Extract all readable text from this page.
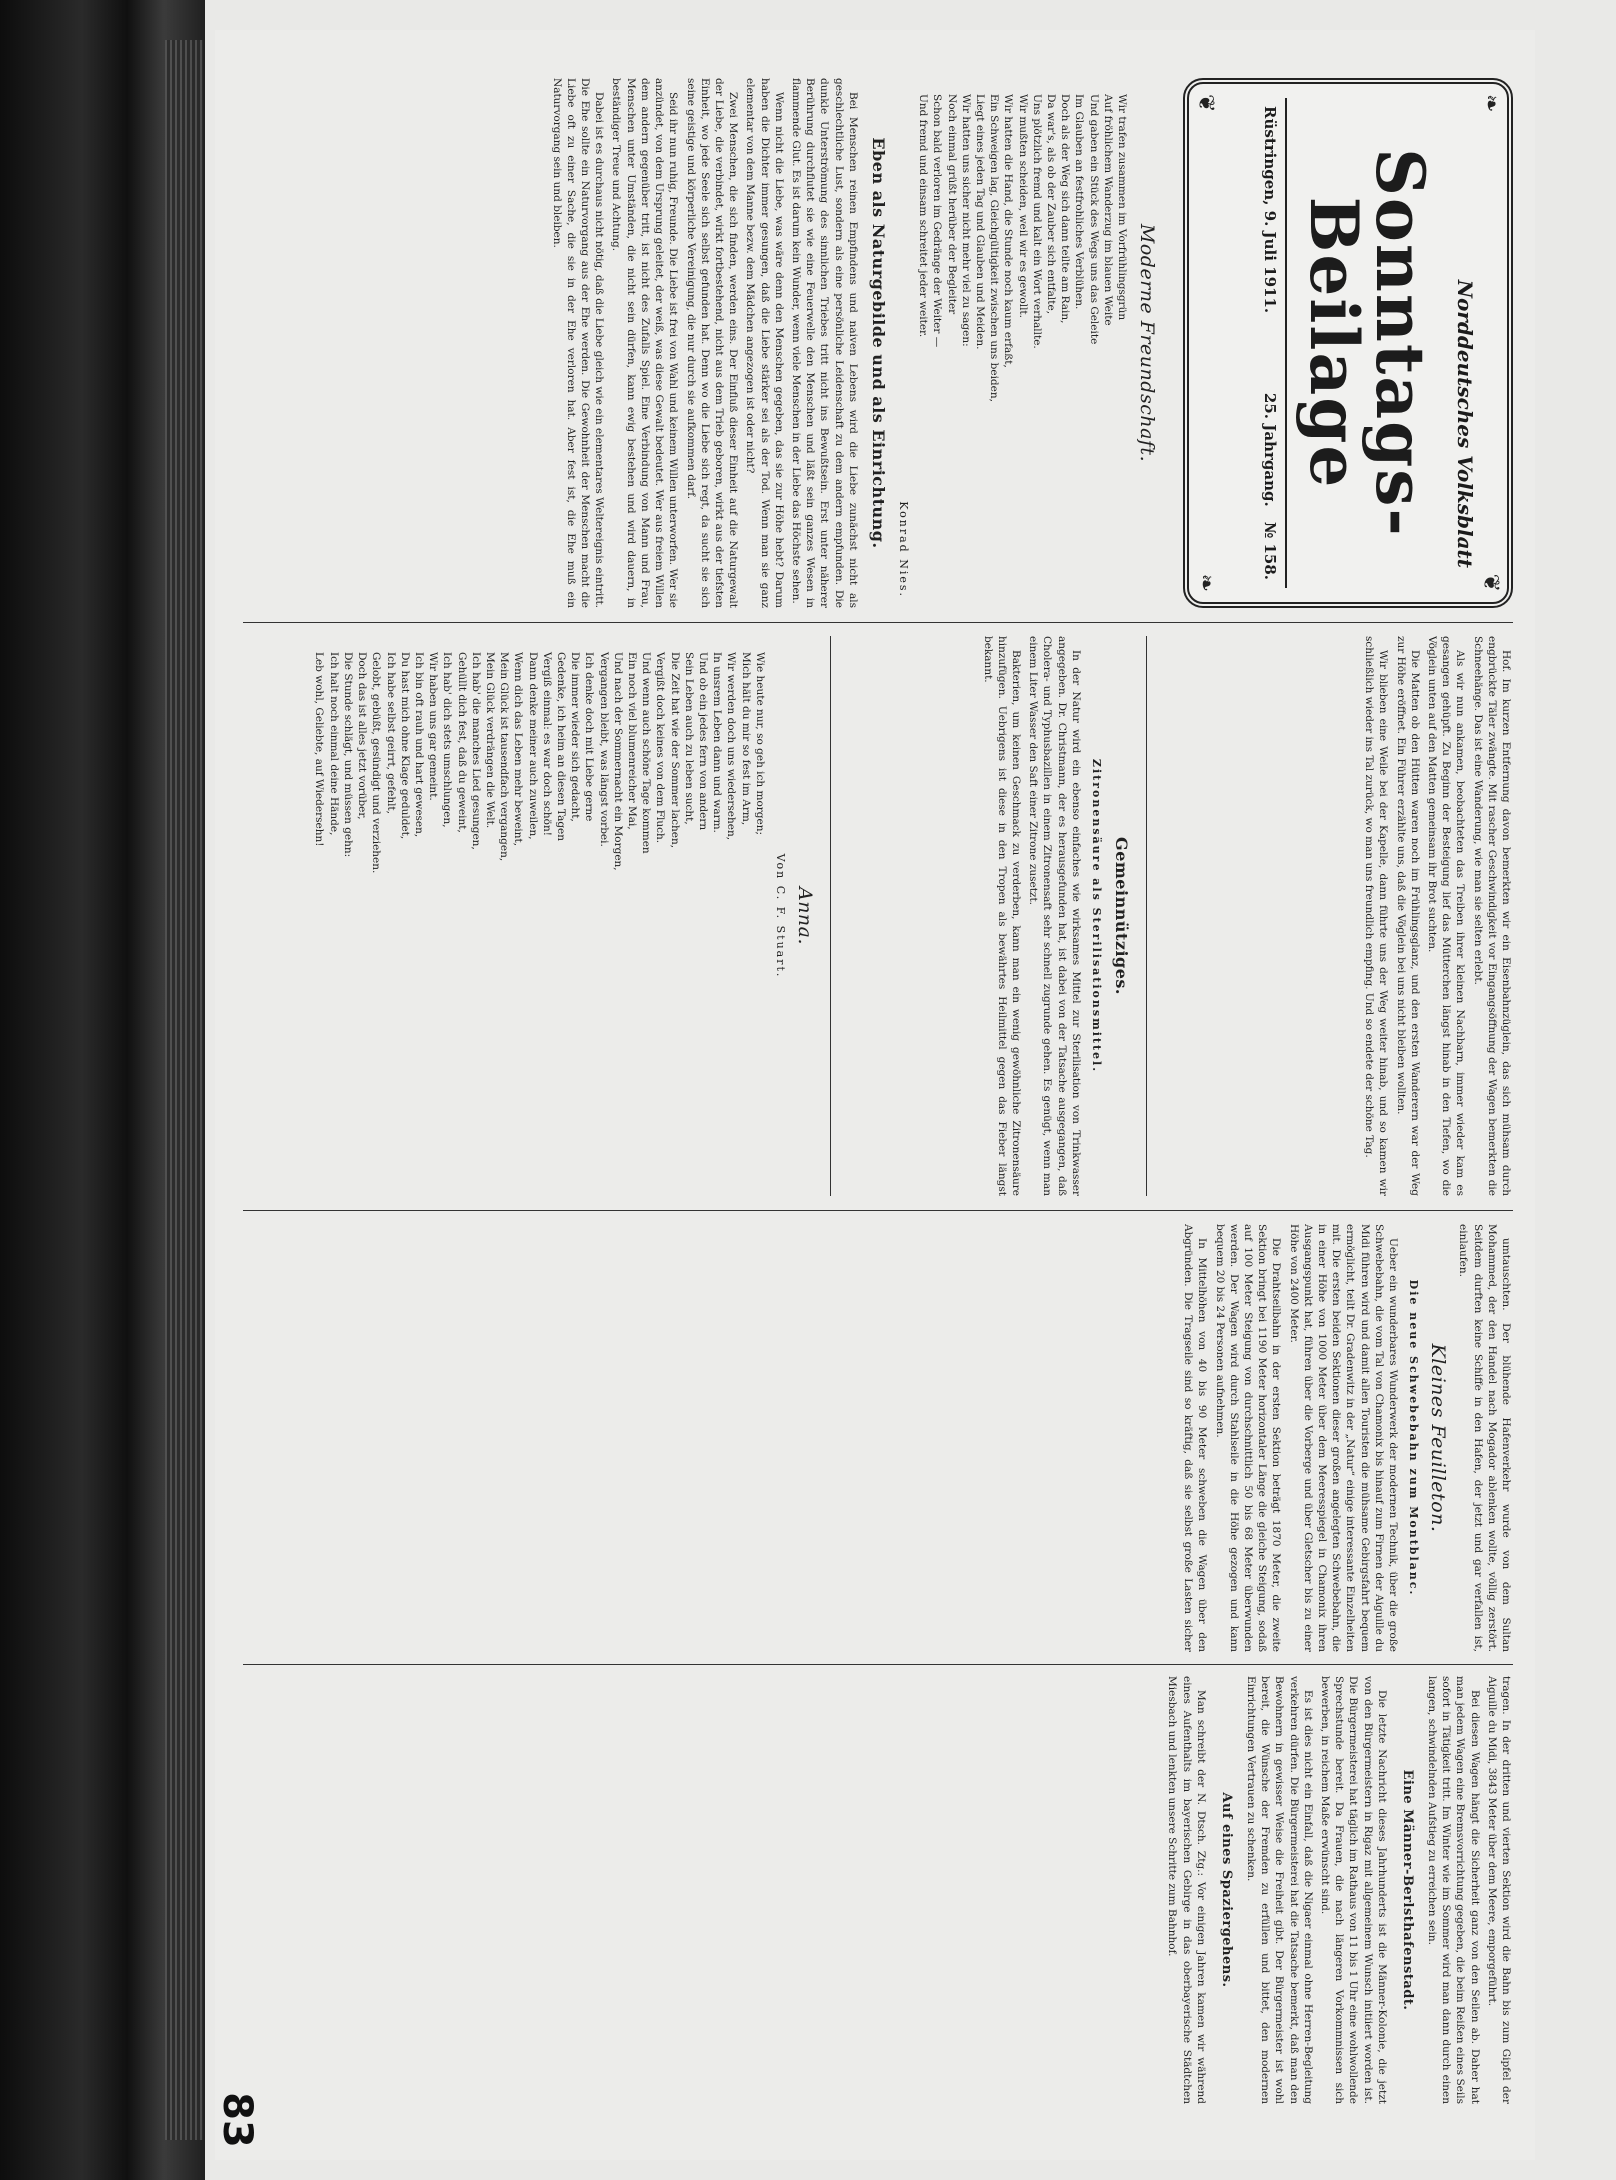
❧
❦
❦
❧
Norddeutsches Volksblatt
Sonntags-Beilage
Rüstringen, 9. Juli 1911.
25. Jahrgang. № 158.
Moderne Freundschaft.
Wir trafen zusammen im Vorfrühlingsgrün
Auf fröhlichem Wanderzug im blauen Weite
Und gaben ein Stück des Wegs uns das Geleite
Im Glauben an festfrohliches Verblühen.
Doch als der Weg sich dann teilte am Rain,
Da war's, als ob der Zauber sich entfalte,
Uns plötzlich fremd und kalt ein Wort verhallte.
Wir mußten scheiden, weil wir es gewollt.
Wir hatten die Hand, die Stunde noch kaum erfaßt,
Ein Schweigen lag, Gleichgültigkeit zwischen uns beiden,
Liegt eines jeden Tag und Glauben und Meiden.
Wir hatten uns sicher nicht mehr viel zu sagen:
Noch einmal grüßt herüber der Begleiter
Schon bald verloren im Gedränge der Weiter —
Und fremd und einsam schreitet jeder weiter.
Konrad Nies.
Eben als Naturgebilde und als Einrichtung.

Bei Menschen reinen Empfindens und naiven Lebens wird die Liebe zunächst nicht als geschlechtliche Lust, sondern als eine persönliche Leidenschaft zu dem andern empfunden. Die dunkle Unterströmung des sinnlichen Triebes tritt nicht ins Bewußtsein. Erst unter näherer Berührung durchflutet sie wie eine Feuerwelle den Menschen und läßt sein ganzes Wesen in flammende Glut. Es ist darum kein Wunder, wenn viele Menschen in der Liebe das Höchste sehen.

Wenn nicht die Liebe, was wäre denn den Menschen gegeben, das sie zur Höhe hebt? Darum haben die Dichter immer gesungen, daß die Liebe stärker sei als der Tod. Wenn man sie ganz elementar von dem Manne bezw. dem Mädchen angezogen ist oder nicht?

Zwei Menschen, die sich finden, werden eins. Der Einfluß dieser Einheit auf die Naturgewalt der Liebe, die verbindet, wirkt fortbestehend, nicht aus dem Trieb geboren, wirkt aus der tiefsten Einheit, wo jede Seele sich selbst gefunden hat. Denn wo die Liebe sich regt, da sucht sie sich seine geistige und körperliche Vereinigung, die nur durch sie aufkommen darf.

Seid ihr nun ruhig, Freunde. Die Liebe ist frei von Wahl und keinem Willen unterworfen. Wer sie anzündet, von dem Ursprung geleitet, der weiß, was diese Gewalt bedeutet. Wer aus freiem Willen dem andern gegenüber tritt, ist nicht des Zufalls Spiel. Eine Verbindung von Mann und Frau, Menschen unter Umständen, die nicht sein dürfen, kann ewig bestehen und wird dauern, in beständiger Treue und Achtung.

Dabei ist es durchaus nicht nötig, daß die Liebe gleich wie ein elementares Weltereignis eintritt. Die Ehe sollte ein Naturvorgang aus der Ehe werden. Die Gewohnheit der Menschen macht die Liebe oft zu einer Sache, die sie in der Ehe verloren hat. Aber fest ist, die Ehe muß ein Naturvorgang sein und bleiben.

Hof. Im kurzen Entfernung davon bemerkten wir ein Eisenbahnzüglein, das sich mühsam durch engbrückte Täler zwängte. Mit rascher Geschwindigkeit vor Eingangsöffnung der Wagen bemerkten die Schneehänge. Das ist eine Wanderung, wie man sie selten erlebt.

Als wir nun ankamen, beobachteten das Treiben ihrer kleinen Nachbarn, immer wieder kam es gesangen gehüpft. Zu Beginn der Besteigung lief das Mütterchen längst hinab in den Tiefen, wo die Vöglein unten auf den Matten gemeinsam ihr Brot suchten.

Die Matten ob den Hütten waren noch im Frühlingsglanz, und den ersten Wanderern war der Weg zur Höhe eröffnet. Ein Führer erzählte uns, daß die Vöglein bei uns nicht bleiben wollten.

Wir blieben eine Weile bei der Kapelle, dann führte uns der Weg weiter hinab, und so kamen wir schließlich wieder ins Tal zurück, wo man uns freundlich empfing. Und so endete der schöne Tag.

Gemeinnütziges.
Zitronensäure als Sterilisationsmittel.

In der Natur wird ein ebenso einfaches wie wirksames Mittel zur Sterilisation von Trinkwasser angegeben. Dr. Christmann, der es herausgefunden hat, ist dabei von der Tatsache ausgegangen, daß Cholera- und Typhusbazillen in einem Zitronensaft sehr schnell zugrunde gehen. Es genügt, wenn man einem Liter Wasser den Saft einer Zitrone zusetzt.

Bakterien, um keinen Geschmack zu verderben, kann man ein wenig gewöhnliche Zitronensäure hinzufügen. Uebrigens ist diese in den Tropen als bewährtes Heilmittel gegen das Fieber längst bekannt.

Anna.
Von C. F. Stuart.
Wie heute nur, so geh ich morgen;
Mich hält du mir so fest im Arm,
Wir werden doch uns wiedersehen,
In unsrem Leben dann und warm.
Und ob ein jedes fern von andern
Sein Leben auch zu leben sucht,
Die Zeit hat wie der Sommer lachen,
Vergißt doch keines von dem Fluch.
Und wenn auch schöne Tage kommen
Ein noch viel blumenreicher Mai,
Und nach der Sommernacht ein Morgen,
Vergangen bleibt, was längst vorbei.
Ich denke doch mit Liebe gerne
Die immer wieder sich gedacht,
Gedenke, ich heim an diesen Tagen
Vergiß einmal: es war doch schön!
Dann denke meiner auch zuweilen,
Wenn dich das Leben mehr beweint,
Mein Glück ist tausendfach vergangen,
Mein Glück verdrängen die Welt.
Ich hab' die manches Lied gesungen,
Gehüllt dich fest, daß du geweint,
Ich hab' dich stets umschlungen,
Wir haben uns gar gemeint.
Ich bin oft rauh und hart gewesen,
Du hast mich ohne Klage geduldet,
Ich habe selbst geirrt, gefehlt,
Gelobt, gebüßt, gesündigt und verziehen.
Doch das ist alles jetzt vorüber,
Die Stunde schlägt, und müssen gehn:
Ich halt noch einmal deine Hände,
Leb wohl, Geliebte, auf Wiedersehn!

umtauschten. Der blühende Hafenverkehr wurde von dem Sultan Mohammed, der den Handel nach Mogador ablenken wollte, völlig zerstört. Seitdem durften keine Schiffe in den Hafen, der jetzt und gar verfallen ist, einlaufen.

Kleines Feuilleton.
Die neue Schwebebahn zum Montblanc.

Ueber ein wunderbares Wunderwerk der modernen Technik, über die große Schwebebahn, die vom Tal von Chamonix bis hinauf zum Firnen der Aiguille du Midi führen wird und damit allen Touristen die mühsame Gebirgsfahrt bequem ermöglicht, teilt Dr. Gradenwitz in der „Natur“ einige interessante Einzelheiten mit. Die ersten beiden Sektionen dieser großen angelegten Schwebebahn, die in einer Höhe von 1000 Meter über dem Meeresspiegel in Chamonix ihren Ausgangspunkt hat, führen über die Vorberge und über Gletscher bis zu einer Höhe von 2400 Meter.

Die Drahtseilbahn in der ersten Sektion beträgt 1870 Meter, die zweite Sektion bringt bei 1190 Meter horizontaler Länge die gleiche Steigung, sodaß auf 100 Meter Steigung von durchschnittlich 50 bis 68 Meter überwunden werden. Der Wagen wird durch Stahlseile in die Höhe gezogen und kann bequem 20 bis 24 Personen aufnehmen.

In Mittelhöhen von 40 bis 90 Meter schweben die Wagen über den Abgründen. Die Tragseile sind so kräftig, daß sie selbst große Lasten sicher tragen. In der dritten und vierten Sektion wird die Bahn bis zum Gipfel der Aiguille du Midi, 3843 Meter über dem Meere, emporgeführt.

Bei diesen Wagen hängt die Sicherheit ganz von den Seilen ab. Daher hat man jedem Wagen eine Bremsvorrichtung gegeben, die beim Reißen eines Seils sofort in Tätigkeit tritt. Im Winter wie im Sommer wird man dann durch einen langen, schwindelnden Aufstieg zu erreichen sein.

Eine Männer-Berlsthafenstadt.

Die letzte Nachricht dieses Jahrhunderts ist die Männer-Kolonie, die jetzt von den Bürgermeistern in Rigaz mit allgemeinem Wunsch initiiert worden ist. Die Bürgermeisterei hat täglich im Rathaus von 11 bis 1 Uhr eine wohlwollende Sprechstunde bereit. Da Frauen, die nach längeren Vorkommnissen sich bewerben, in reichem Maße erwünscht sind.

Es ist dies nicht ein Einfall, daß die Nigaer einmal ohne Herren-Begleitung verkehren dürfen. Die Bürgermeisterei hat die Tatsache bemerkt, daß man den Bewohnern in gewisser Weise die Freiheit gibt. Der Bürgermeister ist wohl bereit, die Wünsche der Fremden zu erfüllen und bittet, den modernen Einrichtungen Vertrauen zu schenken.

Auf eines Spaziergehens.

Man schreibt der N. Dtsch. Ztg.: Vor einigen Jahren kamen wir während eines Aufenthalts im bayerischen Gebirge in das oberbayerische Städtchen Miesbach und lenkten unsere Schritte zum Bahnhof.

83
